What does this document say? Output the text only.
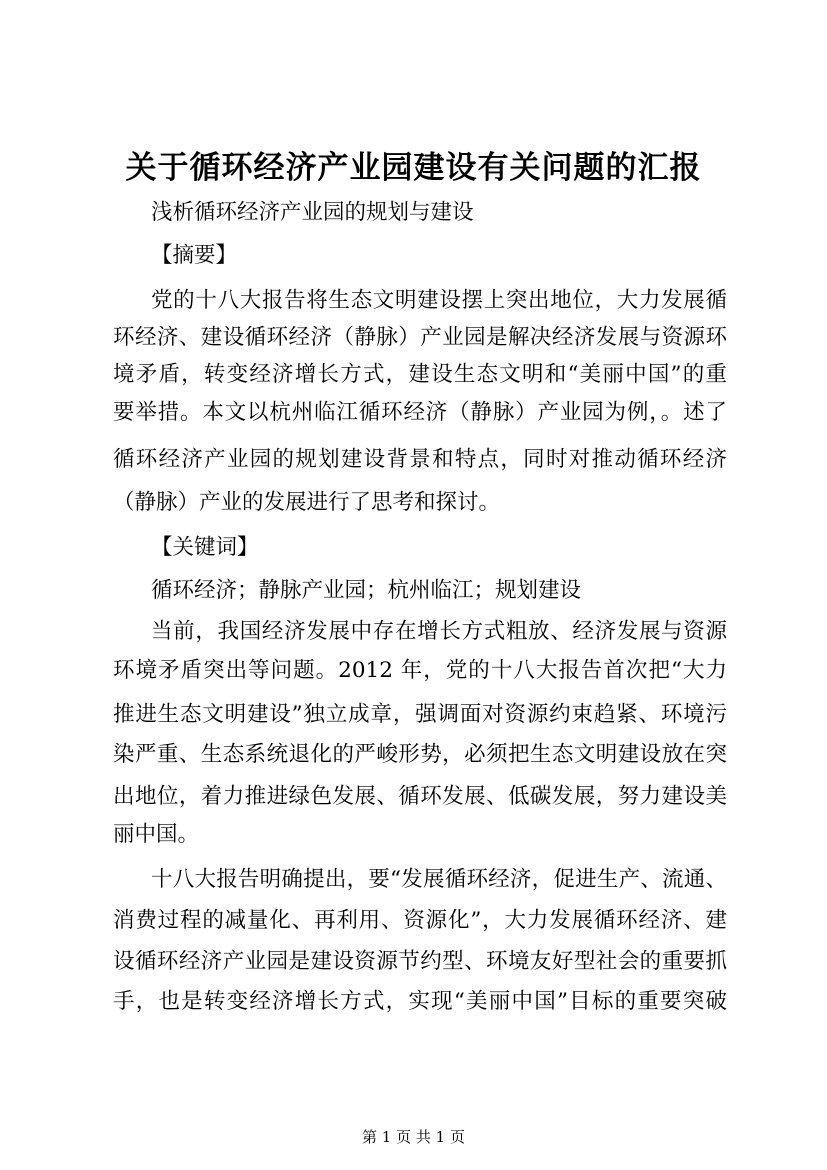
关于循环经济产业园建设有关问题的汇报
浅析循环经济产业园的规划与建设
【摘要】
党的十八大报告将生态文明建设摆上突出地位，大力发展循
环经济、建设循环经济（静脉）产业园是解决经济发展与资源环
境矛盾，转变经济增长方式，建设生态文明和“美丽中国”的重
要举措。本文以杭州临江循环经济（静脉）产业园为例，。述了
循环经济产业园的规划建设背景和特点，同时对推动循环经济
（静脉）产业的发展进行了思考和探讨。
【关键词】
循环经济；静脉产业园；杭州临江；规划建设
当前，我国经济发展中存在增长方式粗放、经济发展与资源
环境矛盾突出等问题。2012 年，党的十八大报告首次把“大力
推进生态文明建设”独立成章，强调面对资源约束趋紧、环境污
染严重、生态系统退化的严峻形势，必须把生态文明建设放在突
出地位，着力推进绿色发展、循环发展、低碳发展，努力建设美
丽中国。
十八大报告明确提出，要“发展循环经济，促进生产、流通、
消费过程的减量化、再利用、资源化”，大力发展循环经济、建
设循环经济产业园是建设资源节约型、环境友好型社会的重要抓
手，也是转变经济增长方式，实现“美丽中国”目标的重要突破
第 1 页 共 1 页
